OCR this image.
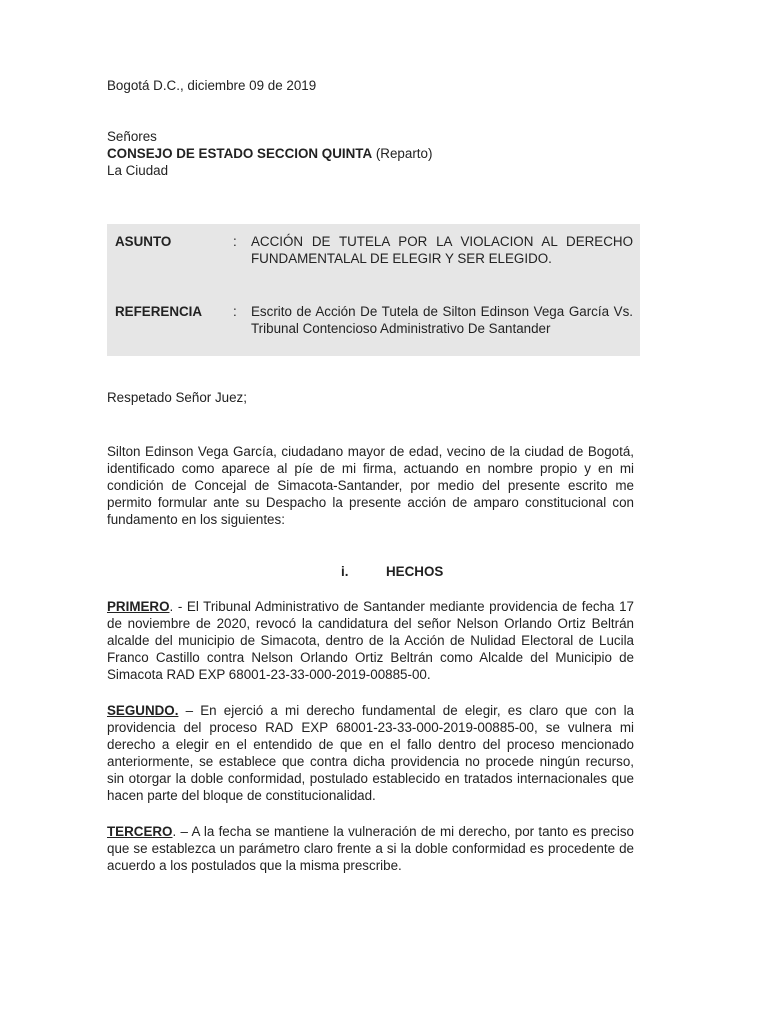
Bogotá D.C., diciembre 09 de 2019
Señores
CONSEJO DE ESTADO SECCION QUINTA (Reparto)
La Ciudad
ASUNTO	: ACCIÓN DE TUTELA POR LA VIOLACION AL DERECHO FUNDAMENTALAL DE ELEGIR Y SER ELEGIDO.
REFERENCIA : Escrito de Acción De Tutela de Silton Edinson Vega García Vs. Tribunal Contencioso Administrativo De Santander
Respetado Señor Juez;
Silton Edinson Vega García, ciudadano mayor de edad, vecino de la ciudad de Bogotá, identificado como aparece al píe de mi firma, actuando en nombre propio y en mi condición de Concejal de Simacota-Santander, por medio del presente escrito me permito formular ante su Despacho la presente acción de amparo constitucional con fundamento en los siguientes:
i.	HECHOS
PRIMERO. - El Tribunal Administrativo de Santander mediante providencia de fecha 17 de noviembre de 2020, revocó la candidatura del señor Nelson Orlando Ortiz Beltrán alcalde del municipio de Simacota, dentro de la Acción de Nulidad Electoral de Lucila Franco Castillo contra Nelson Orlando Ortiz Beltrán como Alcalde del Municipio de Simacota RAD EXP 68001-23-33-000-2019-00885-00.
SEGUNDO. – En ejerció a mi derecho fundamental de elegir, es claro que con la providencia del proceso RAD EXP 68001-23-33-000-2019-00885-00, se vulnera mi derecho a elegir en el entendido de que en el fallo dentro del proceso mencionado anteriormente, se establece que contra dicha providencia no procede ningún recurso, sin otorgar la doble conformidad, postulado establecido en tratados internacionales que hacen parte del bloque de constitucionalidad.
TERCERO. – A la fecha se mantiene la vulneración de mi derecho, por tanto es preciso que se establezca un parámetro claro frente a si la doble conformidad es procedente de acuerdo a los postulados que la misma prescribe.
